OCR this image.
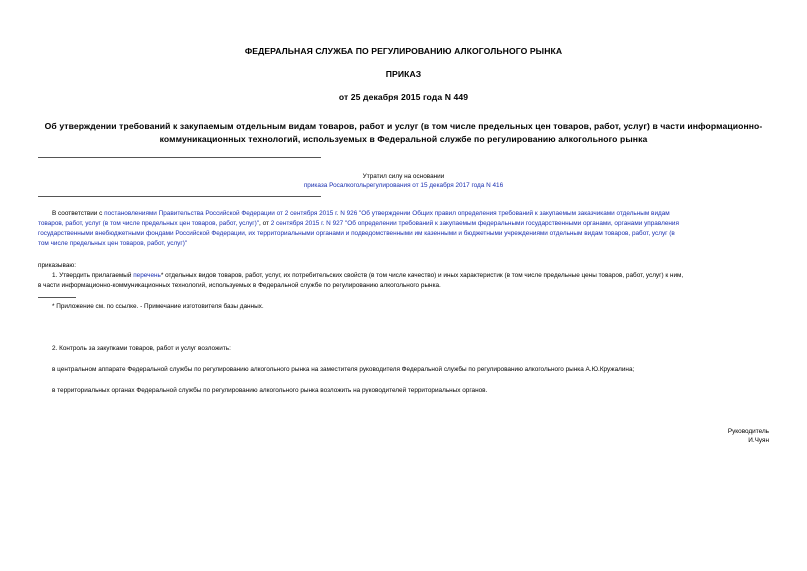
ФЕДЕРАЛЬНАЯ СЛУЖБА ПО РЕГУЛИРОВАНИЮ АЛКОГОЛЬНОГО РЫНКА
ПРИКАЗ
от 25 декабря 2015 года N 449
Об утверждении требований к закупаемым отдельным видам товаров, работ и услуг (в том числе предельных цен товаров, работ, услуг) в части информационно-
коммуникационных технологий, используемых в Федеральной службе по регулированию алкогольного рынка
Утратил силу на основании
приказа Росалкогольрегулирования от 15 декабря 2017 года N 416
В соответствии с постановлениями Правительства Российской Федерации от 2 сентября 2015 г. N 926 "Об утверждении Общих правил определения требований к закупаемым заказчиками отдельным видам
товаров, работ, услуг (в том числе предельных цен товаров, работ, услуг)", от 2 сентября 2015 г. N 927 "Об определении требований к закупаемым федеральными государственными органами, органами управления
государственными внебюджетными фондами Российской Федерации, их территориальными органами и подведомственными им казенными и бюджетными учреждениями отдельным видам товаров, работ, услуг (в
том числе предельных цен товаров, работ, услуг)"
приказываю:
1. Утвердить прилагаемый перечень* отдельных видов товаров, работ, услуг, их потребительских свойств (в том числе качество) и иных характеристик (в том числе предельные цены товаров, работ, услуг) к ним,
в части информационно-коммуникационных технологий, используемых в Федеральной службе по регулированию алкогольного рынка.
* Приложение см. по ссылке. - Примечание изготовителя базы данных.
2. Контроль за закупками товаров, работ и услуг возложить:
в центральном аппарате Федеральной службы по регулированию алкогольного рынка на заместителя руководителя Федеральной службы по регулированию алкогольного рынка А.Ю.Кружалина;
в территориальных органах Федеральной службы по регулированию алкогольного рынка возложить на руководителей территориальных органов.
Руководитель
И.Чуян
